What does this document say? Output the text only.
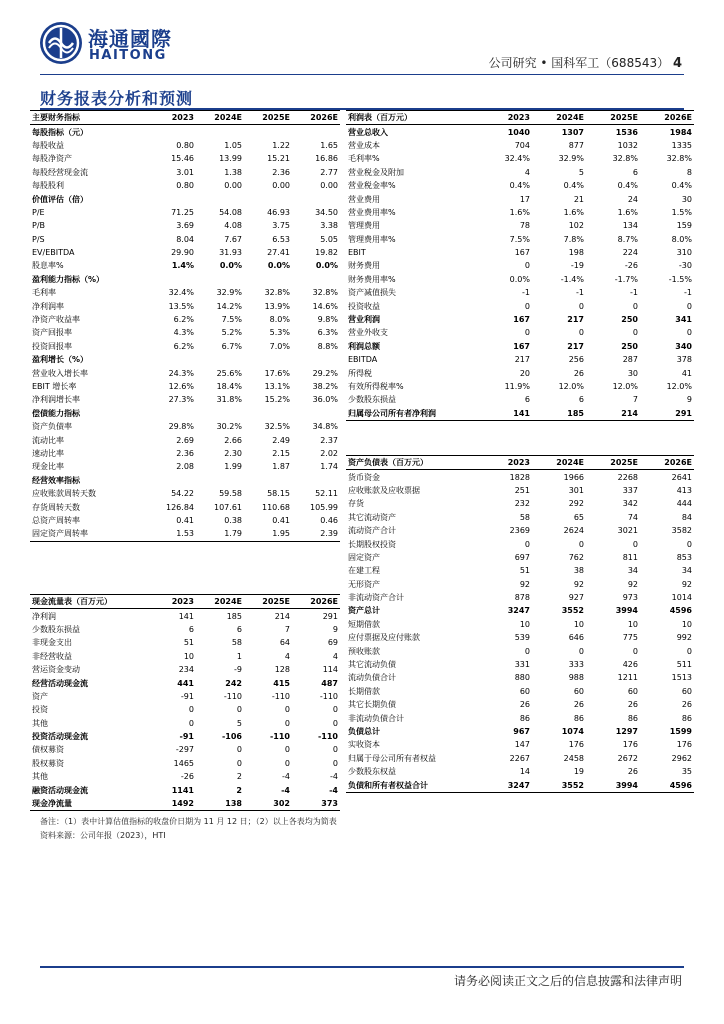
海通國際
HAITONG	公司研究 • 国科军工（688543） 4
财务报表分析和预测
主要财务指标	2023	2024E	2025E	2026E
每股指标（元）				
每股收益	0.80	1.05	1.22	1.65
每股净资产	15.46	13.99	15.21	16.86
每股经营现金流	3.01	1.38	2.36	2.77
每股股利	0.80	0.00	0.00	0.00
价值评估（倍）				
P/E	71.25	54.08	46.93	34.50
P/B	3.69	4.08	3.75	3.38
P/S	8.04	7.67	6.53	5.05
EV/EBITDA	29.90	31.93	27.41	19.82
股息率%	1.4%	0.0%	0.0%	0.0%
盈利能力指标（%）				
毛利率	32.4%	32.9%	32.8%	32.8%
净利润率	13.5%	14.2%	13.9%	14.6%
净资产收益率	6.2%	7.5%	8.0%	9.8%
资产回报率	4.3%	5.2%	5.3%	6.3%
投资回报率	6.2%	6.7%	7.0%	8.8%
盈利增长（%）				
营业收入增长率	24.3%	25.6%	17.6%	29.2%
EBIT 增长率	12.6%	18.4%	13.1%	38.2%
净利润增长率	27.3%	31.8%	15.2%	36.0%
偿债能力指标				
资产负债率	29.8%	30.2%	32.5%	34.8%
流动比率	2.69	2.66	2.49	2.37
速动比率	2.36	2.30	2.15	2.02
现金比率	2.08	1.99	1.87	1.74
经营效率指标				
应收账款周转天数	54.22	59.58	58.15	52.11
存货周转天数	126.84	107.61	110.68	105.99
总资产周转率	0.41	0.38	0.41	0.46
固定资产周转率	1.53	1.79	1.95	2.39
利润表（百万元）	2023	2024E	2025E	2026E
营业总收入	1040	1307	1536	1984
营业成本	704	877	1032	1335
毛利率%	32.4%	32.9%	32.8%	32.8%
营业税金及附加	4	5	6	8
营业税金率%	0.4%	0.4%	0.4%	0.4%
营业费用	17	21	24	30
营业费用率%	1.6%	1.6%	1.6%	1.5%
管理费用	78	102	134	159
管理费用率%	7.5%	7.8%	8.7%	8.0%
EBIT	167	198	224	310
财务费用	0	-19	-26	-30
财务费用率%	0.0%	-1.4%	-1.7%	-1.5%
资产减值损失	-1	-1	-1	-1
投资收益	0	0	0	0
营业利润	167	217	250	341
营业外收支	0	0	0	0
利润总额	167	217	250	340
EBITDA	217	256	287	378
所得税	20	26	30	41
有效所得税率%	11.9%	12.0%	12.0%	12.0%
少数股东损益	6	6	7	9
归属母公司所有者净利润	141	185	214	291
资产负债表（百万元）	2023	2024E	2025E	2026E
货币资金	1828	1966	2268	2641
应收账款及应收票据	251	301	337	413
存货	232	292	342	444
其它流动资产	58	65	74	84
流动资产合计	2369	2624	3021	3582
长期股权投资	0	0	0	0
固定资产	697	762	811	853
在建工程	51	38	34	34
无形资产	92	92	92	92
非流动资产合计	878	927	973	1014
资产总计	3247	3552	3994	4596
短期借款	10	10	10	10
应付票据及应付账款	539	646	775	992
预收账款	0	0	0	0
其它流动负债	331	333	426	511
流动负债合计	880	988	1211	1513
长期借款	60	60	60	60
其它长期负债	26	26	26	26
非流动负债合计	86	86	86	86
负债总计	967	1074	1297	1599
实收资本	147	176	176	176
归属于母公司所有者权益	2267	2458	2672	2962
少数股东权益	14	19	26	35
负债和所有者权益合计	3247	3552	3994	4596
现金流量表（百万元）	2023	2024E	2025E	2026E
净利润	141	185	214	291
少数股东损益	6	6	7	9
非现金支出	51	58	64	69
非经营收益	10	1	4	4
营运资金变动	234	-9	128	114
经营活动现金流	441	242	415	487
资产	-91	-110	-110	-110
投资	0	0	0	0
其他	0	5	0	0
投资活动现金流	-91	-106	-110	-110
债权募资	-297	0	0	0
股权募资	1465	0	0	0
其他	-26	2	-4	-4
融资活动现金流	1141	2	-4	-4
现金净流量	1492	138	302	373
备注：（1）表中计算估值指标的收盘价日期为 11 月 12 日；（2）以上各表均为简表
资料来源：公司年报（2023），HTI
请务必阅读正文之后的信息披露和法律声明
